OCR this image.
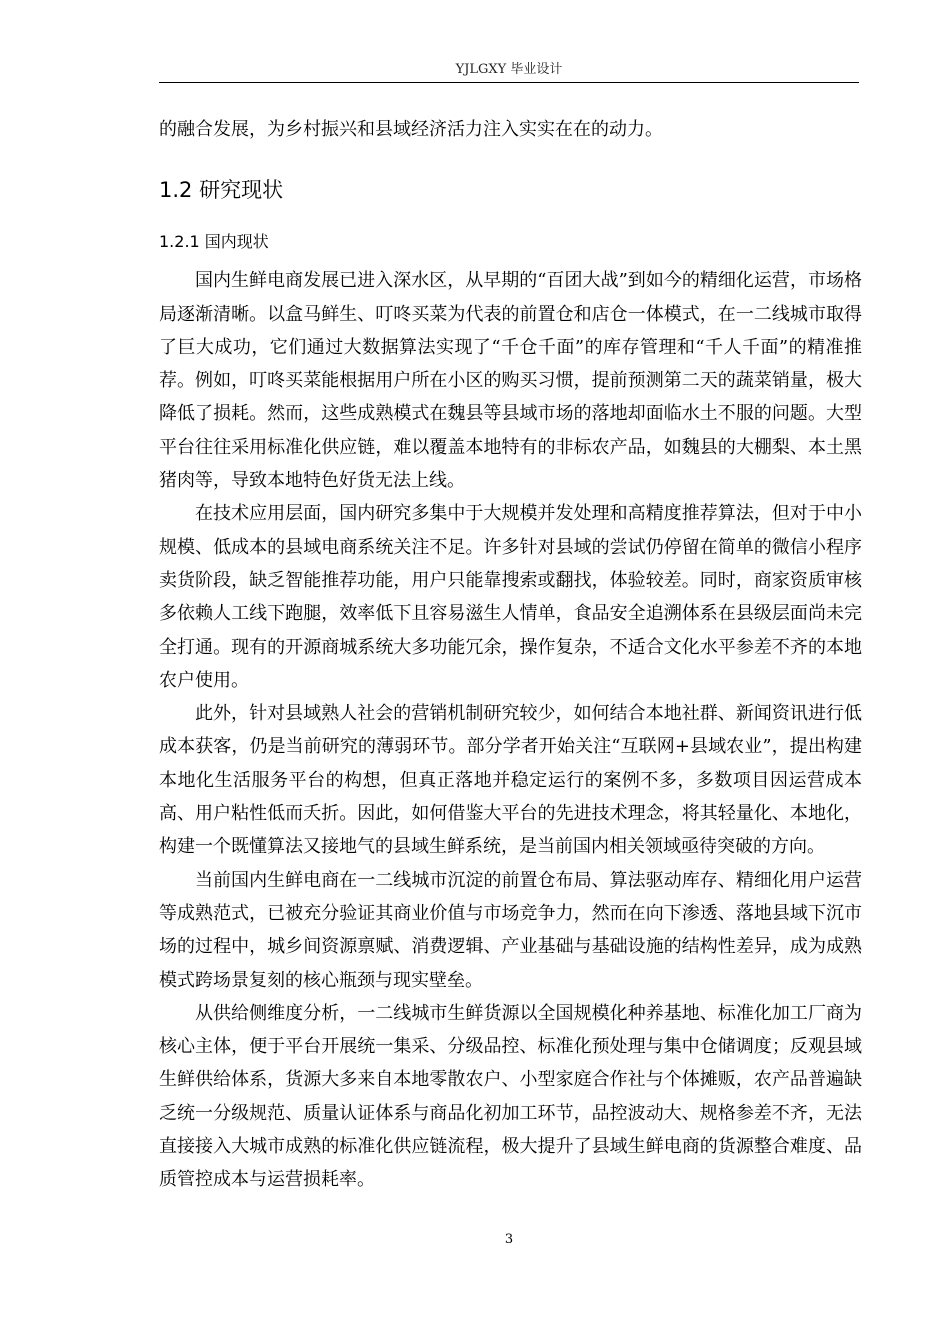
YJLGXY 毕业设计

的融合发展，为乡村振兴和县域经济活力注入实实在在的动力。

1.2 研究现状
1.2.1 国内现状

国内生鲜电商发展已进入深水区，从早期的“百团大战”到如今的精细化运营，市场格局逐渐清晰。以盒马鲜生、叮咚买菜为代表的前置仓和店仓一体模式，在一二线城市取得了巨大成功，它们通过大数据算法实现了“千仓千面”的库存管理和“千人千面”的精准推荐。例如，叮咚买菜能根据用户所在小区的购买习惯，提前预测第二天的蔬菜销量，极大降低了损耗。然而，这些成熟模式在魏县等县域市场的落地却面临水土不服的问题。大型平台往往采用标准化供应链，难以覆盖本地特有的非标农产品，如魏县的大棚梨、本土黑猪肉等，导致本地特色好货无法上线。

在技术应用层面，国内研究多集中于大规模并发处理和高精度推荐算法，但对于中小规模、低成本的县域电商系统关注不足。许多针对县域的尝试仍停留在简单的微信小程序卖货阶段，缺乏智能推荐功能，用户只能靠搜索或翻找，体验较差。同时，商家资质审核多依赖人工线下跑腿，效率低下且容易滋生人情单，食品安全追溯体系在县级层面尚未完全打通。现有的开源商城系统大多功能冗余，操作复杂，不适合文化水平参差不齐的本地农户使用。

此外，针对县域熟人社会的营销机制研究较少，如何结合本地社群、新闻资讯进行低成本获客，仍是当前研究的薄弱环节。部分学者开始关注“互联网+县域农业”，提出构建本地化生活服务平台的构想，但真正落地并稳定运行的案例不多，多数项目因运营成本高、用户粘性低而夭折。因此，如何借鉴大平台的先进技术理念，将其轻量化、本地化，构建一个既懂算法又接地气的县域生鲜系统，是当前国内相关领域亟待突破的方向。

当前国内生鲜电商在一二线城市沉淀的前置仓布局、算法驱动库存、精细化用户运营等成熟范式，已被充分验证其商业价值与市场竞争力，然而在向下渗透、落地县域下沉市场的过程中，城乡间资源禀赋、消费逻辑、产业基础与基础设施的结构性差异，成为成熟模式跨场景复刻的核心瓶颈与现实壁垒。

从供给侧维度分析，一二线城市生鲜货源以全国规模化种养基地、标准化加工厂商为核心主体，便于平台开展统一集采、分级品控、标准化预处理与集中仓储调度；反观县域生鲜供给体系，货源大多来自本地零散农户、小型家庭合作社与个体摊贩，农产品普遍缺乏统一分级规范、质量认证体系与商品化初加工环节，品控波动大、规格参差不齐，无法直接接入大城市成熟的标准化供应链流程，极大提升了县域生鲜电商的货源整合难度、品质管控成本与运营损耗率。

3
